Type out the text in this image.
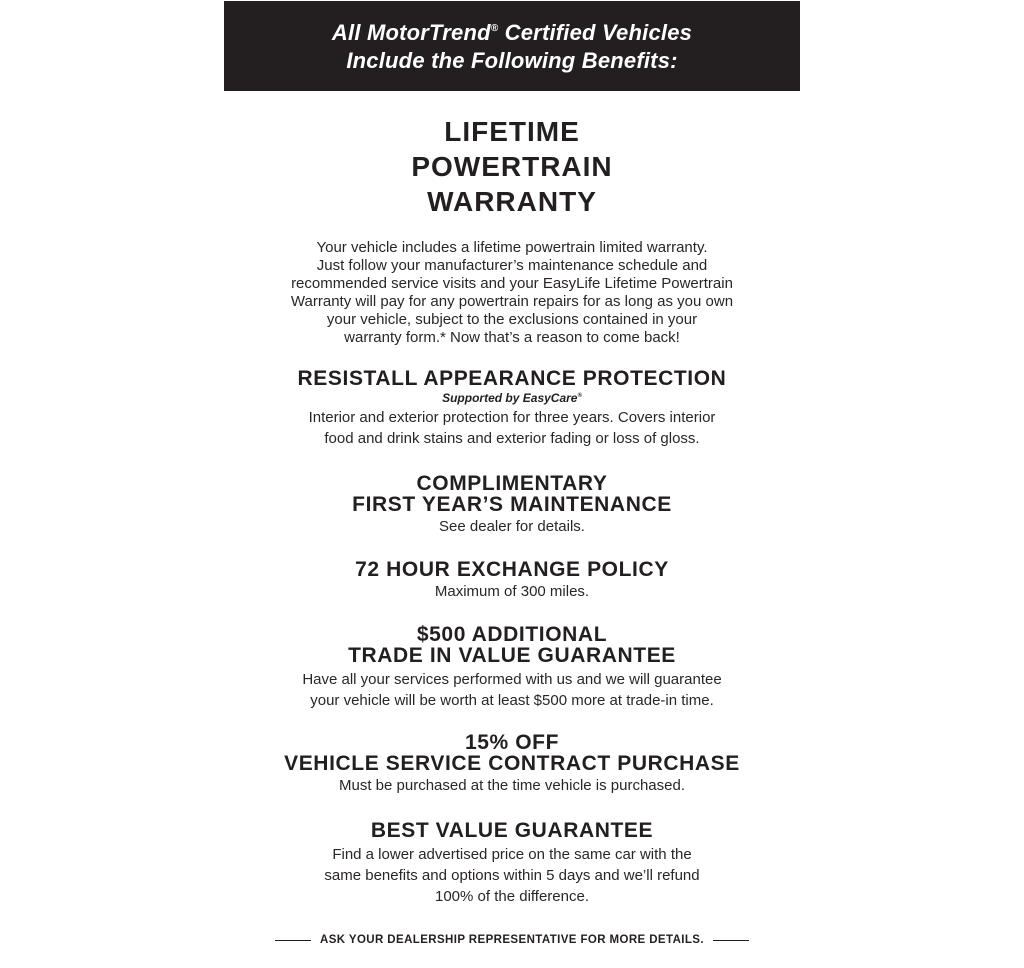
All MotorTrend® Certified Vehicles
Include the Following Benefits:
LIFETIME
POWERTRAIN
WARRANTY

Your vehicle includes a lifetime powertrain limited warranty.
Just follow your manufacturer’s maintenance schedule and
recommended service visits and your EasyLife Lifetime Powertrain
Warranty will pay for any powertrain repairs for as long as you own
your vehicle, subject to the exclusions contained in your
warranty form.* Now that’s a reason to come back!

RESISTALL APPEARANCE PROTECTION

Supported by EasyCare®

Interior and exterior protection for three years. Covers interior
food and drink stains and exterior fading or loss of gloss.

COMPLIMENTARY
FIRST YEAR’S MAINTENANCE

See dealer for details.

72 HOUR EXCHANGE POLICY

Maximum of 300 miles.

$500 ADDITIONAL
TRADE IN VALUE GUARANTEE

Have all your services performed with us and we will guarantee
your vehicle will be worth at least $500 more at trade-in time.

15% OFF
VEHICLE SERVICE CONTRACT PURCHASE

Must be purchased at the time vehicle is purchased.

BEST VALUE GUARANTEE

Find a lower advertised price on the same car with the
same benefits and options within 5 days and we’ll refund
100% of the difference.

ASK YOUR DEALERSHIP REPRESENTATIVE FOR MORE DETAILS.
